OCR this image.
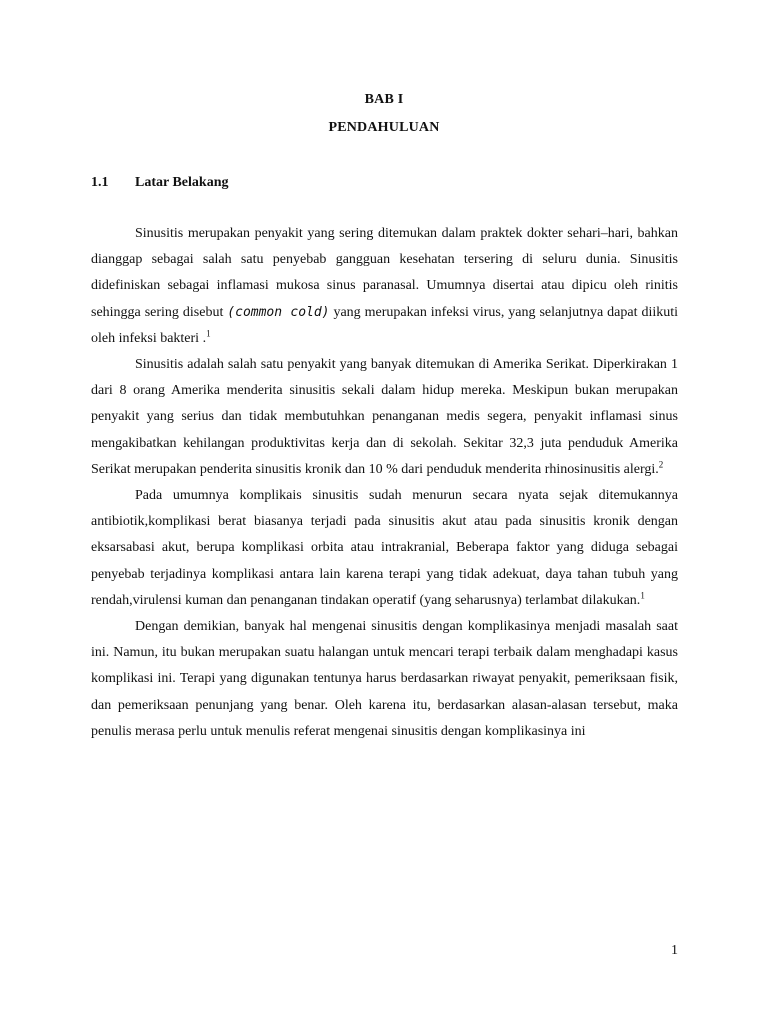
BAB I
PENDAHULUAN
1.1 Latar Belakang

Sinusitis merupakan penyakit yang sering ditemukan dalam praktek dokter sehari–hari, bahkan dianggap sebagai salah satu penyebab gangguan kesehatan tersering di seluru dunia. Sinusitis didefiniskan sebagai inflamasi mukosa sinus paranasal. Umumnya disertai atau dipicu oleh rinitis sehingga sering disebut (common cold) yang merupakan infeksi virus, yang selanjutnya dapat diikuti oleh infeksi bakteri .$^1$

Sinusitis adalah salah satu penyakit yang banyak ditemukan di Amerika Serikat. Diperkirakan 1 dari 8 orang Amerika menderita sinusitis sekali dalam hidup mereka. Meskipun bukan merupakan penyakit yang serius dan tidak membutuhkan penanganan medis segera, penyakit inflamasi sinus mengakibatkan kehilangan produktivitas kerja dan di sekolah. Sekitar 32,3 juta penduduk Amerika Serikat merupakan penderita sinusitis kronik dan 10 % dari penduduk menderita rhinosinusitis alergi.$^2$

Pada umumnya komplikais sinusitis sudah menurun secara nyata sejak ditemukannya antibiotik,komplikasi berat biasanya terjadi pada sinusitis akut atau pada sinusitis kronik dengan eksarsabasi akut, berupa komplikasi orbita atau intrakranial, Beberapa faktor yang diduga sebagai penyebab terjadinya komplikasi antara lain karena terapi yang tidak adekuat, daya tahan tubuh yang rendah,virulensi kuman dan penanganan tindakan operatif (yang seharusnya) terlambat dilakukan.$^1$

Dengan demikian, banyak hal mengenai sinusitis dengan komplikasinya menjadi masalah saat ini. Namun, itu bukan merupakan suatu halangan untuk mencari terapi terbaik dalam menghadapi kasus komplikasi ini. Terapi yang digunakan tentunya harus berdasarkan riwayat penyakit, pemeriksaan fisik, dan pemeriksaan penunjang yang benar. Oleh karena itu, berdasarkan alasan-alasan tersebut, maka penulis merasa perlu untuk menulis referat mengenai sinusitis dengan komplikasinya ini

1
